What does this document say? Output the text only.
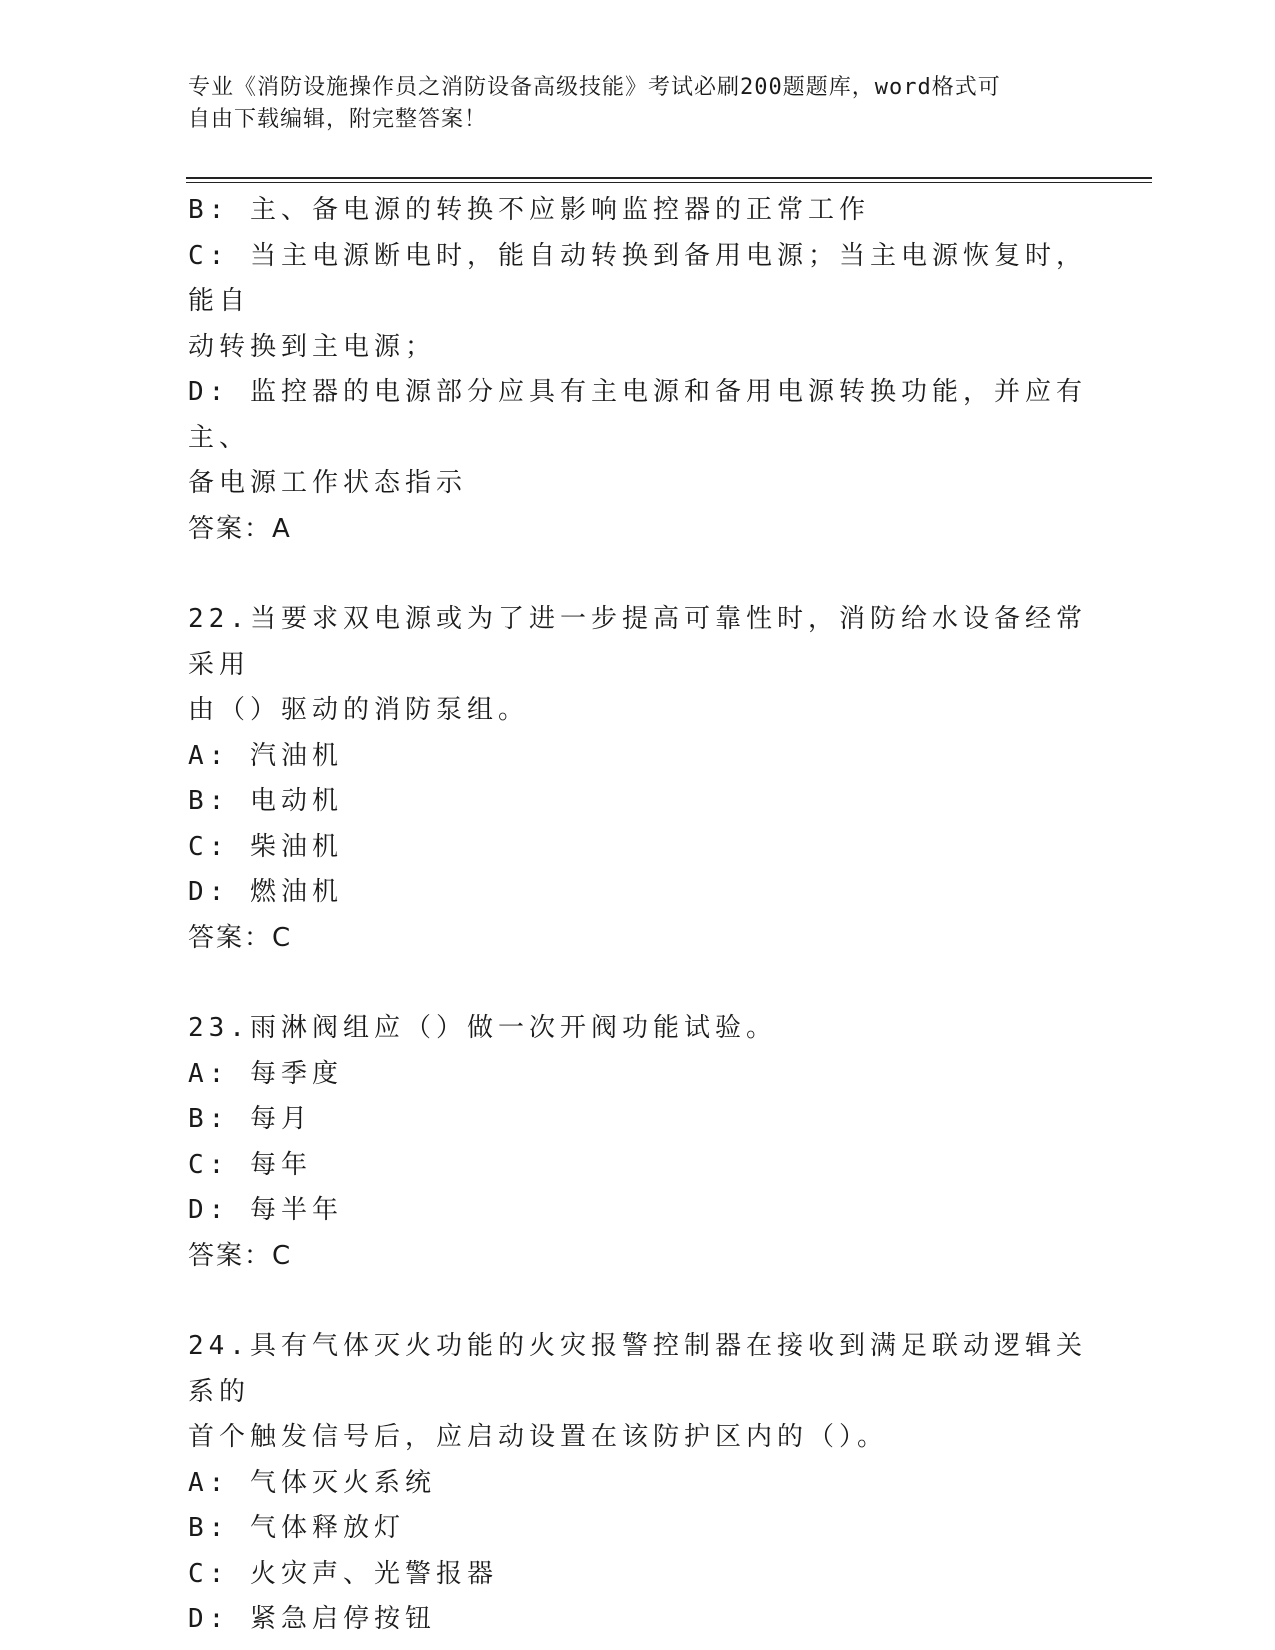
专业《消防设施操作员之消防设备高级技能》考试必刷200题题库，word格式可
自由下载编辑，附完整答案！
B: 主、备电源的转换不应影响监控器的正常工作
C: 当主电源断电时，能自动转换到备用电源；当主电源恢复时，能自
动转换到主电源；
D: 监控器的电源部分应具有主电源和备用电源转换功能，并应有主、
备电源工作状态指示
答案：A
22.当要求双电源或为了进一步提高可靠性时，消防给水设备经常采用
由（）驱动的消防泵组。
A: 汽油机
B: 电动机
C: 柴油机
D: 燃油机
答案：C
23.雨淋阀组应（）做一次开阀功能试验。
A: 每季度
B: 每月
C: 每年
D: 每半年
答案：C
24.具有气体灭火功能的火灾报警控制器在接收到满足联动逻辑关系的
首个触发信号后，应启动设置在该防护区内的（）。
A: 气体灭火系统
B: 气体释放灯
C: 火灾声、光警报器
D: 紧急启停按钮
